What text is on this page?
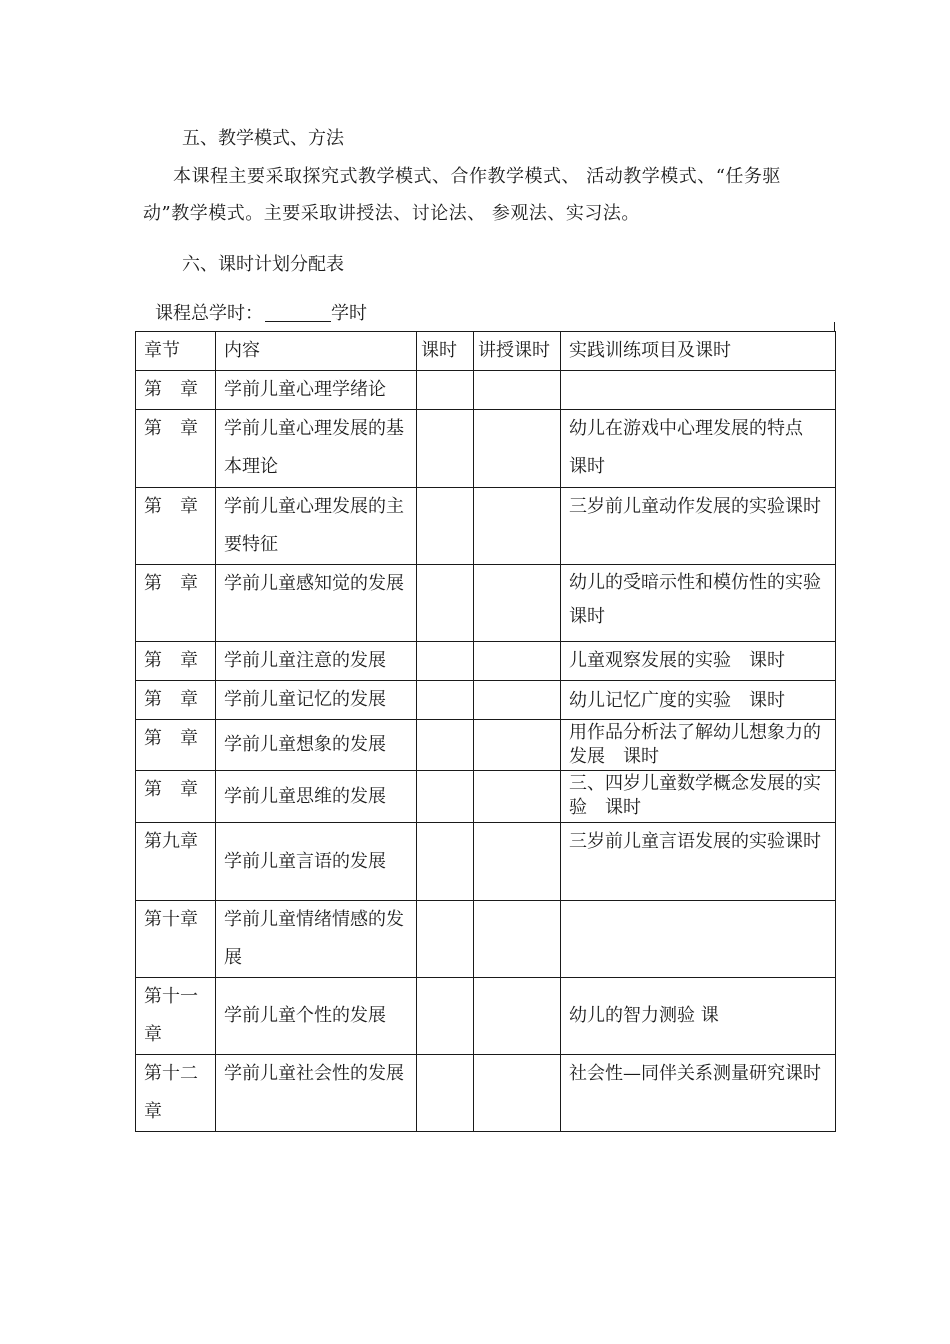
五、教学模式、方法
本课程主要采取探究式教学模式、合作教学模式、 活动教学模式、“任务驱动”教学模式。主要采取讲授法、讨论法、 参观法、实习法。
六、课时计划分配表
课程总学时：	学时
章节	内容	课时	讲授课时	实践训练项目及课时
第　章	学前儿童心理学绪论			
第　章	学前儿童心理发展的基本理论			幼儿在游戏中心理发展的特点　课时
第　章	学前儿童心理发展的主要特征			三岁前儿童动作发展的实验课时
第　章	学前儿童感知觉的发展			幼儿的受暗示性和模仿性的实验　课时
第　章	学前儿童注意的发展			儿童观察发展的实验　课时
第　章	学前儿童记忆的发展			幼儿记忆广度的实验　课时
第　章	学前儿童想象的发展			用作品分析法了解幼儿想象力的发展　课时
第　章	学前儿童思维的发展			三、四岁儿童数学概念发展的实验　课时
第九章	学前儿童言语的发展			三岁前儿童言语发展的实验课时
第十章	学前儿童情绪情感的发展			
第十一章	学前儿童个性的发展			幼儿的智力测验 课
第十二章	学前儿童社会性的发展			社会性—同伴关系测量研究课时
